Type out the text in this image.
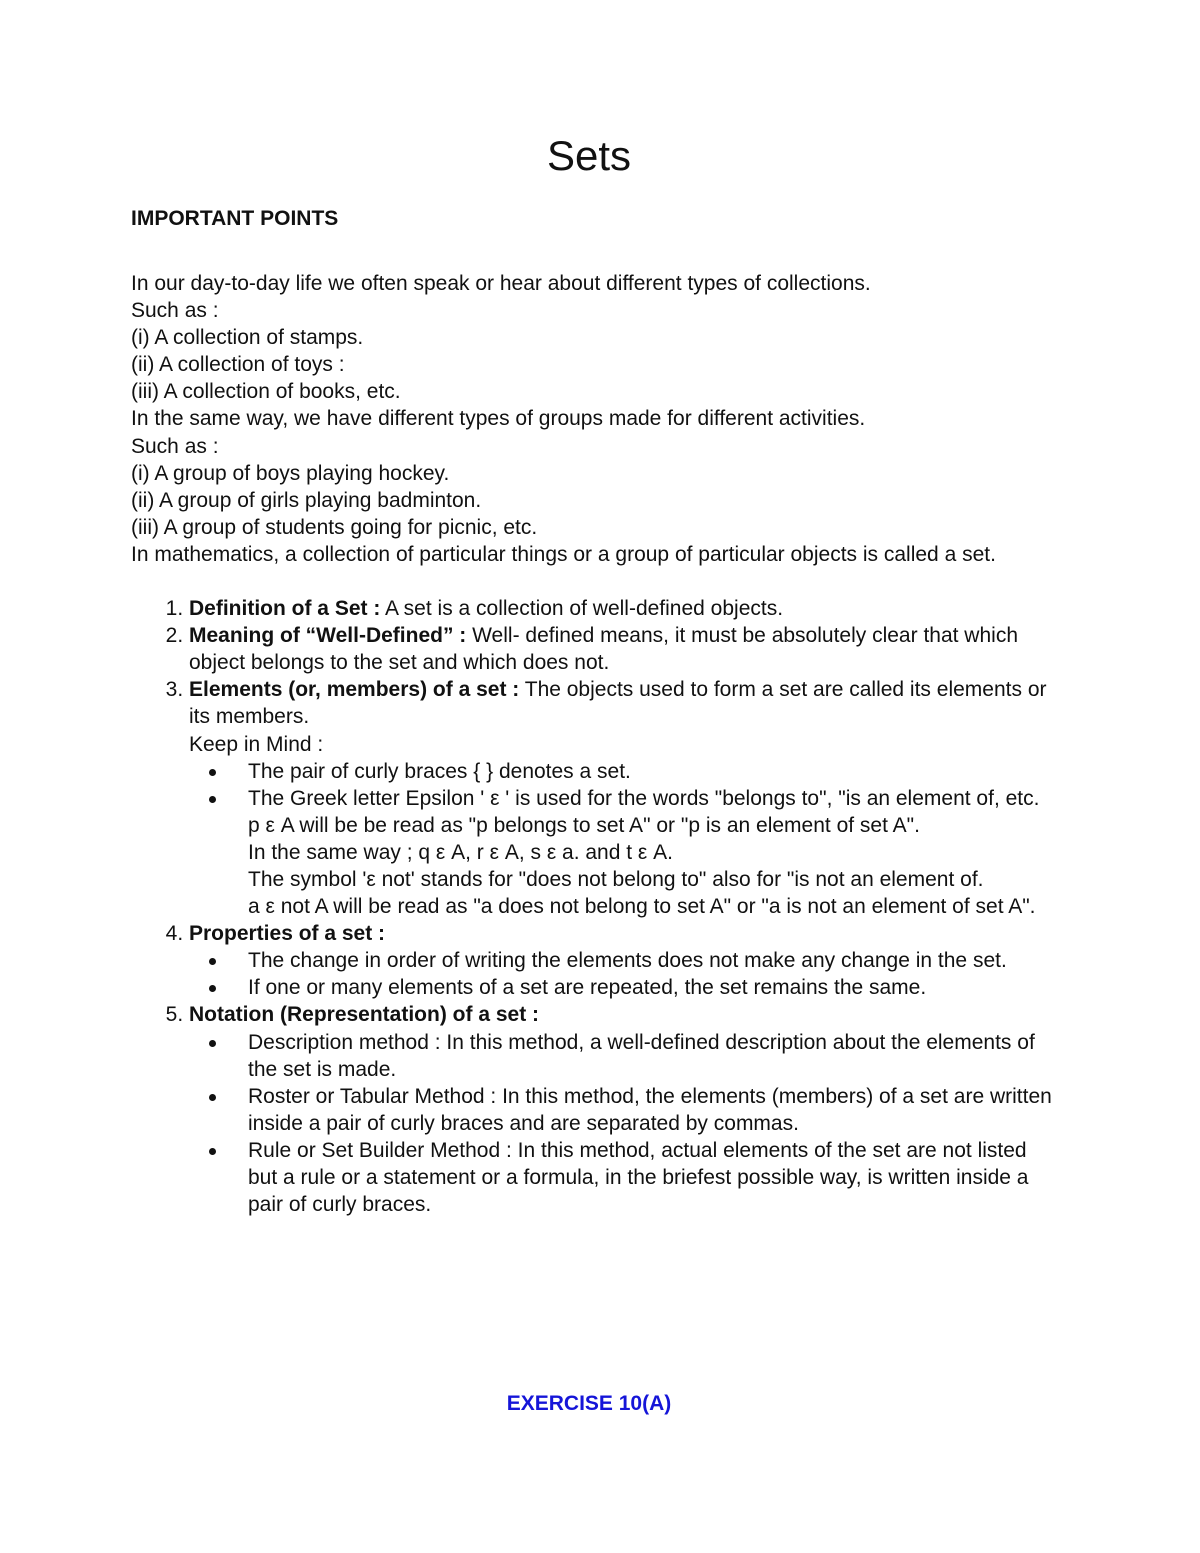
Sets
IMPORTANT POINTS

In our day-to-day life we often speak or hear about different types of collections.

Such as :

(i) A collection of stamps.

(ii) A collection of toys :

(iii) A collection of books, etc.

In the same way, we have different types of groups made for different activities.

Such as :

(i) A group of boys playing hockey.

(ii) A group of girls playing badminton.

(iii) A group of students going for picnic, etc.

In mathematics, a collection of particular things or a group of particular objects is called a set.

1. Definition of a Set : A set is a collection of well-defined objects.
2. Meaning of “Well-Defined” : Well- defined means, it must be absolutely clear that which object belongs to the set and which does not.
3. Elements (or, members) of a set : The objects used to form a set are called its elements or its members.
Keep in Mind :
The pair of curly braces { } denotes a set.
The Greek letter Epsilon ' ε ' is used for the words "belongs to", "is an element of, etc.
p ε A will be be read as "p belongs to set A" or "p is an element of set A".
In the same way ; q ε A, r ε A, s ε a. and t ε A.
The symbol 'ε not' stands for "does not belong to" also for "is not an element of.
a ε not A will be read as "a does not belong to set A" or "a is not an element of set A".
4. Properties of a set :
The change in order of writing the elements does not make any change in the set.
If one or many elements of a set are repeated, the set remains the same.
5. Notation (Representation) of a set :
Description method : In this method, a well-defined description about the elements of the set is made.
Roster or Tabular Method : In this method, the elements (members) of a set are written inside a pair of curly braces and are separated by commas.
Rule or Set Builder Method : In this method, actual elements of the set are not listed but a rule or a statement or a formula, in the briefest possible way, is written inside a pair of curly braces.
EXERCISE 10(A)
